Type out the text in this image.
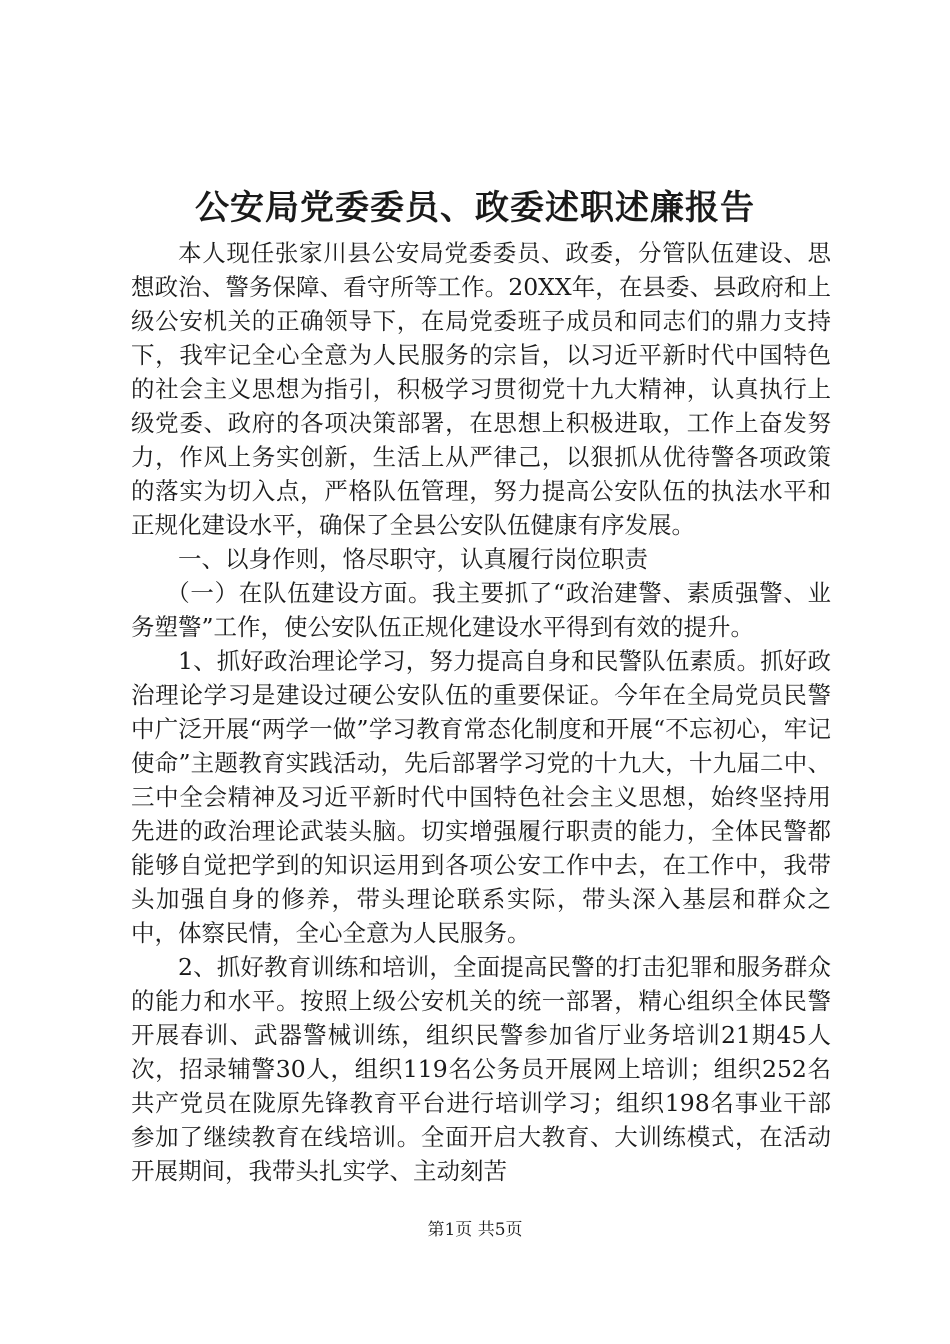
公安局党委委员、政委述职述廉报告

本人现任张家川县公安局党委委员、政委，分管队伍建设、思想政治、警务保障、看守所等工作。20XX年，在县委、县政府和上级公安机关的正确领导下，在局党委班子成员和同志们的鼎力支持下，我牢记全心全意为人民服务的宗旨，以习近平新时代中国特色的社会主义思想为指引，积极学习贯彻党十九大精神，认真执行上级党委、政府的各项决策部署，在思想上积极进取，工作上奋发努力，作风上务实创新，生活上从严律己，以狠抓从优待警各项政策的落实为切入点，严格队伍管理，努力提高公安队伍的执法水平和正规化建设水平，确保了全县公安队伍健康有序发展。

一、以身作则，恪尽职守，认真履行岗位职责

（一）在队伍建设方面。我主要抓了“政治建警、素质强警、业务塑警”工作，使公安队伍正规化建设水平得到有效的提升。

1、抓好政治理论学习，努力提高自身和民警队伍素质。抓好政治理论学习是建设过硬公安队伍的重要保证。今年在全局党员民警中广泛开展“两学一做”学习教育常态化制度和开展“不忘初心，牢记使命”主题教育实践活动，先后部署学习党的十九大，十九届二中、三中全会精神及习近平新时代中国特色社会主义思想，始终坚持用先进的政治理论武装头脑。切实增强履行职责的能力，全体民警都能够自觉把学到的知识运用到各项公安工作中去，在工作中，我带头加强自身的修养，带头理论联系实际，带头深入基层和群众之中，体察民情，全心全意为人民服务。

2、抓好教育训练和培训，全面提高民警的打击犯罪和服务群众的能力和水平。按照上级公安机关的统一部署，精心组织全体民警开展春训、武器警械训练，组织民警参加省厅业务培训21期45人次，招录辅警30人，组织119名公务员开展网上培训；组织252名共产党员在陇原先锋教育平台进行培训学习；组织198名事业干部参加了继续教育在线培训。全面开启大教育、大训练模式，在活动开展期间，我带头扎实学、主动刻苦

第1页 共5页
